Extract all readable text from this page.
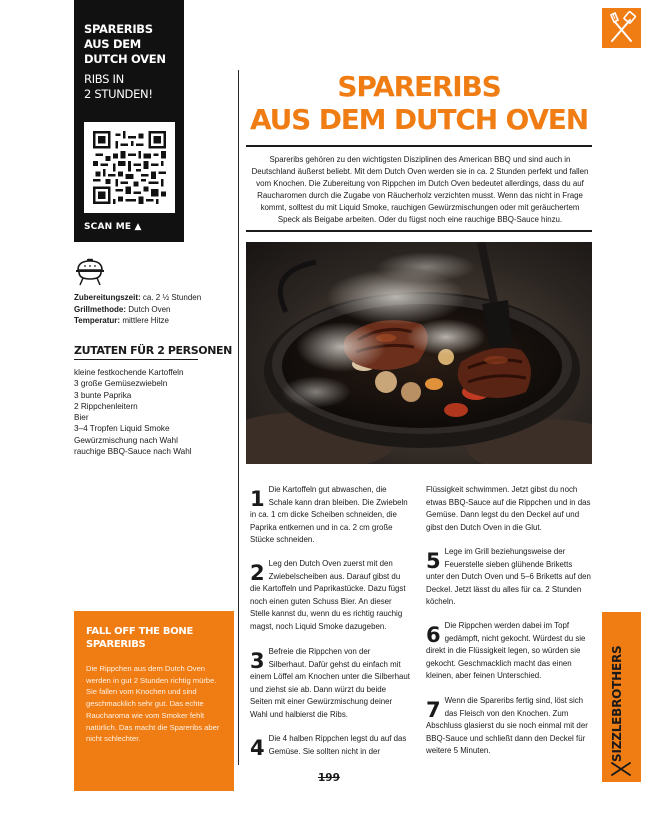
SPARERIBS
AUS DEM
DUTCH OVEN
RIBS IN
2 STUNDEN!
SCAN ME ▲
Zubereitungszeit: ca. 2 ½ Stunden
Grillmethode: Dutch Oven
Temperatur: mittlere Hitze
ZUTATEN FÜR 2 PERSONEN
kleine festkochende Kartoffeln
3 große Gemüsezwiebeln
3 bunte Paprika
2 Rippchenleitern
Bier
3–4 Tropfen Liquid Smoke
Gewürzmischung nach Wahl
rauchige BBQ-Sauce nach Wahl
FALL OFF THE BONE
SPARERIBS
Die Rippchen aus dem Dutch Oven werden in gut 2 Stunden richtig mürbe. Sie fallen vom Knochen und sind geschmacklich sehr gut. Das echte Raucharoma wie vom Smoker fehlt natürlich. Das macht die Spareribs aber nicht schlechter.
SPARERIBS
AUS DEM DUTCH OVEN

Spareribs gehören zu den wichtigsten Disziplinen des American BBQ und sind auch in Deutschland äußerst beliebt. Mit dem Dutch Oven werden sie in ca. 2 Stunden perfekt und fallen vom Knochen. Die Zubereitung von Rippchen im Dutch Oven bedeutet allerdings, dass du auf Raucharomen durch die Zugabe von Räucherholz verzichten musst. Wenn das nicht in Frage kommt, solltest du mit Liquid Smoke, rauchigen Gewürzmischungen oder mit geräuchertem Speck als Beigabe arbeiten. Oder du fügst noch eine rauchige BBQ-Sauce hinzu.

1 Die Kartoffeln gut abwaschen, die Schale kann dran bleiben. Die Zwiebeln in ca. 1 cm dicke Scheiben schneiden, die Paprika entkernen und in ca. 2 cm große Stücke schneiden.
2 Leg den Dutch Oven zuerst mit den Zwiebelscheiben aus. Darauf gibst du die Kartoffeln und Paprikastücke. Dazu fügst noch einen guten Schuss Bier. An dieser Stelle kannst du, wenn du es richtig rauchig magst, noch Liquid Smoke dazugeben.
3 Befreie die Rippchen von der Silberhaut. Dafür gehst du einfach mit einem Löffel am Knochen unter die Silberhaut und ziehst sie ab. Dann würzt du beide Seiten mit einer Gewürzmischung deiner Wahl und halbierst die Ribs.
4 Die 4 halben Rippchen legst du auf das Gemüse. Sie sollten nicht in der
Flüssigkeit schwimmen. Jetzt gibst du noch etwas BBQ-Sauce auf die Rippchen und in das Gemüse. Dann legst du den Deckel auf und gibst den Dutch Oven in die Glut.
5 Lege im Grill beziehungsweise der Feuerstelle sieben glühende Briketts unter den Dutch Oven und 5–6 Briketts auf den Deckel. Jetzt lässt du alles für ca. 2 Stunden köcheln.
6 Die Rippchen werden dabei im Topf gedämpft, nicht gekocht. Würdest du sie direkt in die Flüssigkeit legen, so würden sie gekocht. Geschmacklich macht das einen kleinen, aber feinen Unterschied.
7 Wenn die Spareribs fertig sind, löst sich das Fleisch von den Knochen. Zum Abschluss glasierst du sie noch einmal mit der BBQ-Sauce und schließt dann den Deckel für weitere 5 Minuten.
199
SIZZLEBROTHERS
